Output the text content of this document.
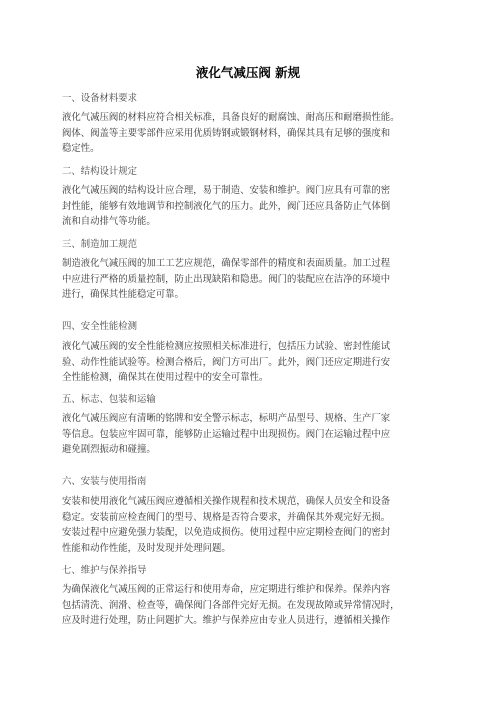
液化气减压阀 新规
一、设备材料要求
液化气减压阀的材料应符合相关标准，具备良好的耐腐蚀、耐高压和耐磨损性能。
阀体、阀盖等主要零部件应采用优质铸钢或锻钢材料，确保其具有足够的强度和
稳定性。
二、结构设计规定
液化气减压阀的结构设计应合理，易于制造、安装和维护。阀门应具有可靠的密
封性能，能够有效地调节和控制液化气的压力。此外，阀门还应具备防止气体倒
流和自动排气等功能。
三、制造加工规范
制造液化气减压阀的加工工艺应规范，确保零部件的精度和表面质量。加工过程
中应进行严格的质量控制，防止出现缺陷和隐患。阀门的装配应在洁净的环境中
进行，确保其性能稳定可靠。
四、安全性能检测
液化气减压阀的安全性能检测应按照相关标准进行，包括压力试验、密封性能试
验、动作性能试验等。检测合格后，阀门方可出厂。此外，阀门还应定期进行安
全性能检测，确保其在使用过程中的安全可靠性。
五、标志、包装和运输
液化气减压阀应有清晰的铭牌和安全警示标志，标明产品型号、规格、生产厂家
等信息。包装应牢固可靠，能够防止运输过程中出现损伤。阀门在运输过程中应
避免剧烈振动和碰撞。
六、安装与使用指南
安装和使用液化气减压阀应遵循相关操作规程和技术规范，确保人员安全和设备
稳定。安装前应检查阀门的型号、规格是否符合要求，并确保其外观完好无损。
安装过程中应避免强力装配，以免造成损伤。使用过程中应定期检查阀门的密封
性能和动作性能，及时发现并处理问题。
七、维护与保养指导
为确保液化气减压阀的正常运行和使用寿命，应定期进行维护和保养。保养内容
包括清洗、润滑、检查等，确保阀门各部件完好无损。在发现故障或异常情况时，
应及时进行处理，防止问题扩大。维护与保养应由专业人员进行，遵循相关操作
